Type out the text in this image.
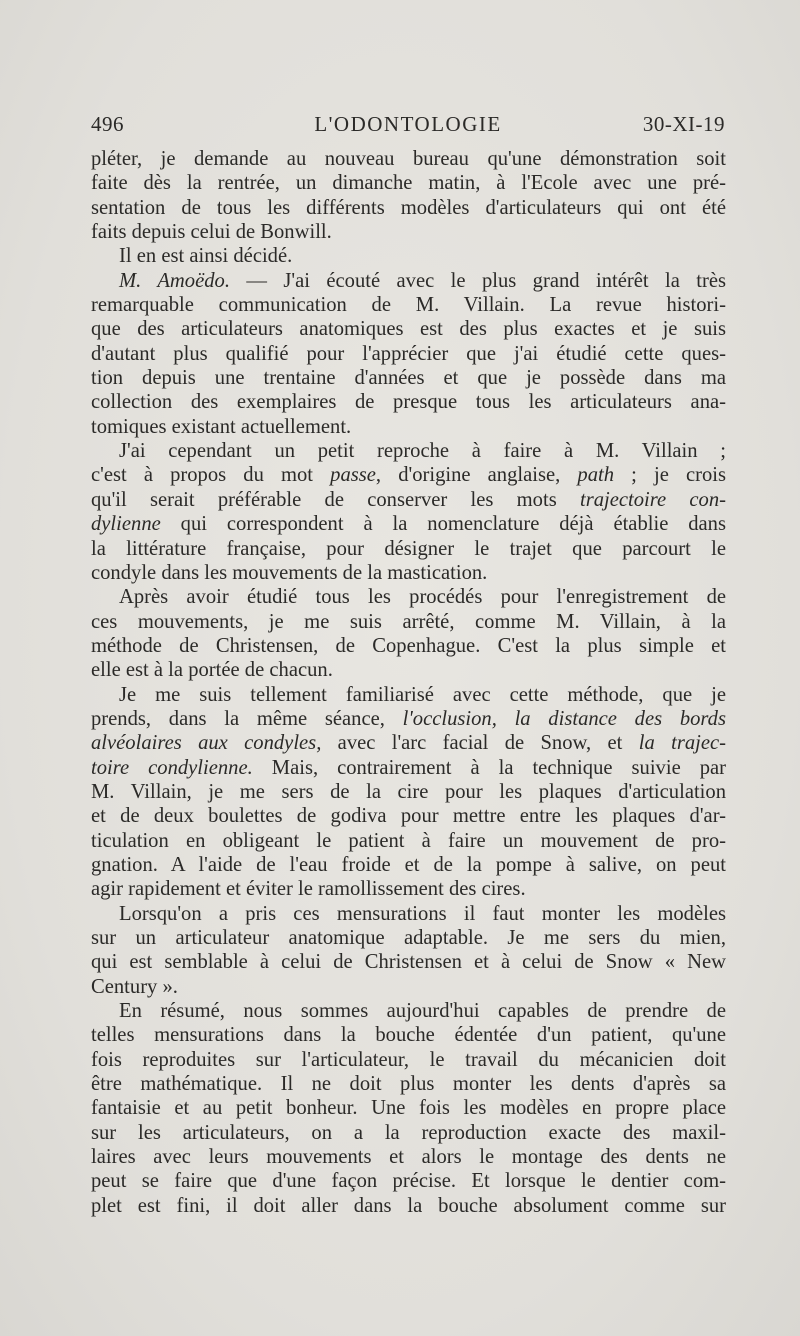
496	L'ODONTOLOGIE	30-XI-19
pléter, je demande au nouveau bureau qu'une démonstration soit
faite dès la rentrée, un dimanche matin, à l'Ecole avec une pré-
sentation de tous les différents modèles d'articulateurs qui ont été
faits depuis celui de Bonwill.
Il en est ainsi décidé.
M. Amoëdo. — J'ai écouté avec le plus grand intérêt la très
remarquable communication de M. Villain. La revue histori-
que des articulateurs anatomiques est des plus exactes et je suis
d'autant plus qualifié pour l'apprécier que j'ai étudié cette ques-
tion depuis une trentaine d'années et que je possède dans ma
collection des exemplaires de presque tous les articulateurs ana-
tomiques existant actuellement.
J'ai cependant un petit reproche à faire à M. Villain ;
c'est à propos du mot passe, d'origine anglaise, path ; je crois
qu'il serait préférable de conserver les mots trajectoire con-
dylienne qui correspondent à la nomenclature déjà établie dans
la littérature française, pour désigner le trajet que parcourt le
condyle dans les mouvements de la mastication.
Après avoir étudié tous les procédés pour l'enregistrement de
ces mouvements, je me suis arrêté, comme M. Villain, à la
méthode de Christensen, de Copenhague. C'est la plus simple et
elle est à la portée de chacun.
Je me suis tellement familiarisé avec cette méthode, que je
prends, dans la même séance, l'occlusion, la distance des bords
alvéolaires aux condyles, avec l'arc facial de Snow, et la trajec-
toire condylienne. Mais, contrairement à la technique suivie par
M. Villain, je me sers de la cire pour les plaques d'articulation
et de deux boulettes de godiva pour mettre entre les plaques d'ar-
ticulation en obligeant le patient à faire un mouvement de pro-
gnation. A l'aide de l'eau froide et de la pompe à salive, on peut
agir rapidement et éviter le ramollissement des cires.
Lorsqu'on a pris ces mensurations il faut monter les modèles
sur un articulateur anatomique adaptable. Je me sers du mien,
qui est semblable à celui de Christensen et à celui de Snow « New
Century ».
En résumé, nous sommes aujourd'hui capables de prendre de
telles mensurations dans la bouche édentée d'un patient, qu'une
fois reproduites sur l'articulateur, le travail du mécanicien doit
être mathématique. Il ne doit plus monter les dents d'après sa
fantaisie et au petit bonheur. Une fois les modèles en propre place
sur les articulateurs, on a la reproduction exacte des maxil-
laires avec leurs mouvements et alors le montage des dents ne
peut se faire que d'une façon précise. Et lorsque le dentier com-
plet est fini, il doit aller dans la bouche absolument comme sur
